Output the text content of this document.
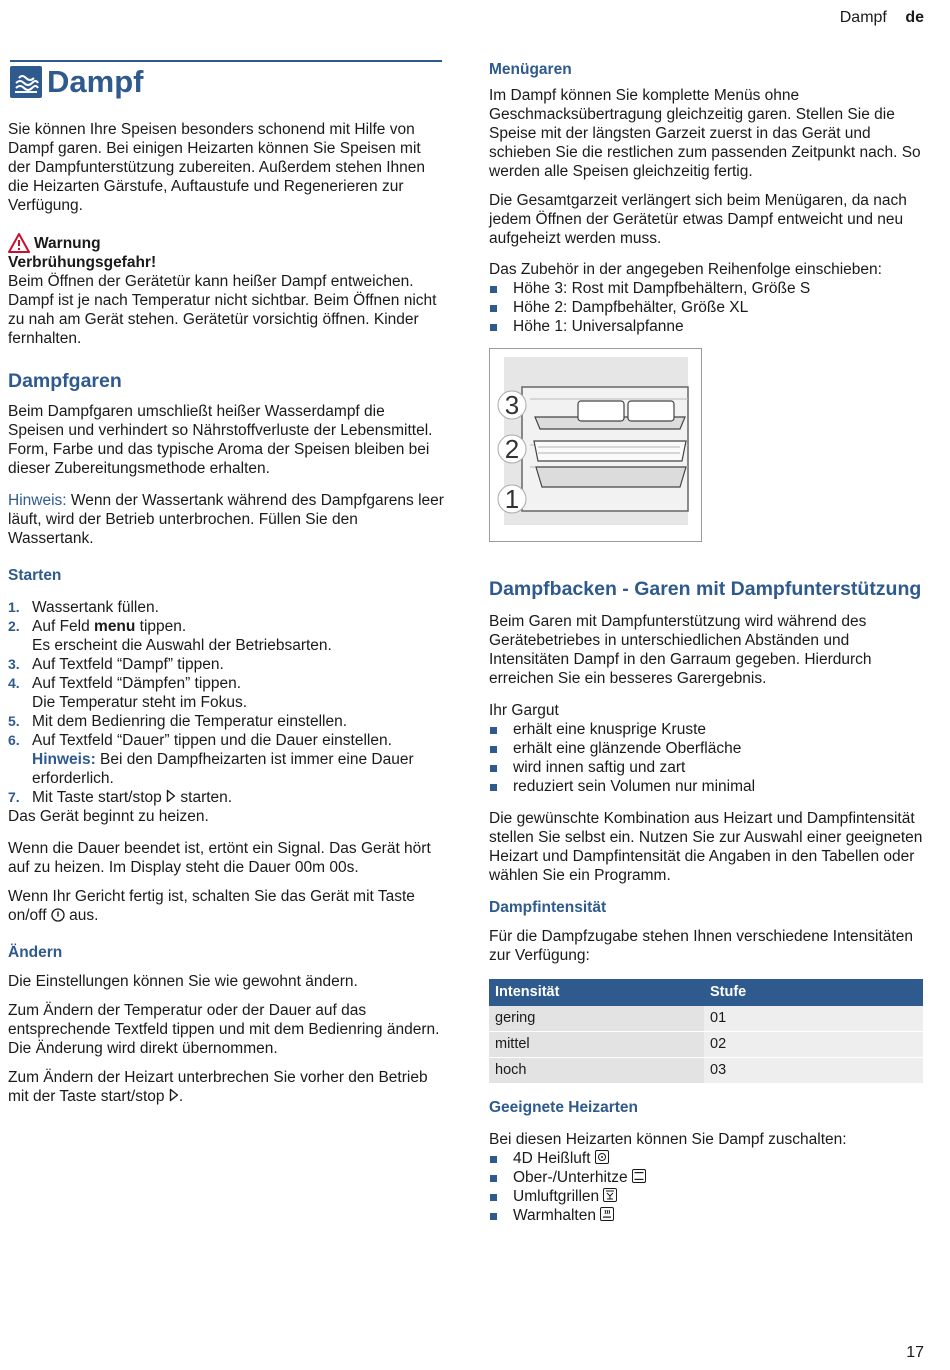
Dampf de
Dampf

Sie können Ihre Speisen besonders schonend mit Hilfe von Dampf garen. Bei einigen Heizarten können Sie Speisen mit der Dampfunterstützung zubereiten. Außerdem stehen Ihnen die Heizarten Gärstufe, Auftaustufe und Regenerieren zur Verfügung.

Warnung
Verbrühungsgefahr!
Beim Öffnen der Gerätetür kann heißer Dampf entweichen. Dampf ist je nach Temperatur nicht sichtbar. Beim Öffnen nicht zu nah am Gerät stehen. Gerätetür vorsichtig öffnen. Kinder fernhalten.
Dampfgaren

Beim Dampfgaren umschließt heißer Wasserdampf die Speisen und verhindert so Nährstoffverluste der Lebensmittel. Form, Farbe und das typische Aroma der Speisen bleiben bei dieser Zubereitungsmethode erhalten.

Hinweis: Wenn der Wassertank während des Dampfgarens leer läuft, wird der Betrieb unterbrochen. Füllen Sie den Wassertank.

Starten
1. Wassertank füllen.
2. Auf Feld menu tippen.
Es erscheint die Auswahl der Betriebsarten.
3. Auf Textfeld “Dampf” tippen.
4. Auf Textfeld “Dämpfen” tippen.
Die Temperatur steht im Fokus.
5. Mit dem Bedienring die Temperatur einstellen.
6. Auf Textfeld “Dauer” tippen und die Dauer einstellen.
Hinweis: Bei den Dampfheizarten ist immer eine Dauer erforderlich.
7. Mit Taste start/stop  starten.

Das Gerät beginnt zu heizen.

Wenn die Dauer beendet ist, ertönt ein Signal. Das Gerät hört auf zu heizen. Im Display steht die Dauer 00m 00s.

Wenn Ihr Gericht fertig ist, schalten Sie das Gerät mit Taste on/off  aus.

Ändern

Die Einstellungen können Sie wie gewohnt ändern.

Zum Ändern der Temperatur oder der Dauer auf das entsprechende Textfeld tippen und mit dem Bedienring ändern. Die Änderung wird direkt übernommen.

Zum Ändern der Heizart unterbrechen Sie vorher den Betrieb mit der Taste start/stop .

Menügaren

Im Dampf können Sie komplette Menüs ohne Geschmacksübertragung gleichzeitig garen. Stellen Sie die Speise mit der längsten Garzeit zuerst in das Gerät und schieben Sie die restlichen zum passenden Zeitpunkt nach. So werden alle Speisen gleichzeitig fertig.

Die Gesamtgarzeit verlängert sich beim Menügaren, da nach jedem Öffnen der Gerätetür etwas Dampf entweicht und neu aufgeheizt werden muss.

Das Zubehör in der angegeben Reihenfolge einschieben:

Höhe 3: Rost mit Dampfbehältern, Größe S
Höhe 2: Dampfbehälter, Größe XL
Höhe 1: Universalpfanne
3
2
1
Dampfbacken - Garen mit Dampfunterstützung

Beim Garen mit Dampfunterstützung wird während des Gerätebetriebes in unterschiedlichen Abständen und Intensitäten Dampf in den Garraum gegeben. Hierdurch erreichen Sie ein besseres Garergebnis.

Ihr Gargut

erhält eine knusprige Kruste
erhält eine glänzende Oberfläche
wird innen saftig und zart
reduziert sein Volumen nur minimal

Die gewünschte Kombination aus Heizart und Dampfintensität stellen Sie selbst ein. Nutzen Sie zur Auswahl einer geeigneten Heizart und Dampfintensität die Angaben in den Tabellen oder wählen Sie ein Programm.

Dampfintensität

Für die Dampfzugabe stehen Ihnen verschiedene Intensitäten zur Verfügung:

Intensität	Stufe
gering	01
mittel	02
hoch	03
Geeignete Heizarten

Bei diesen Heizarten können Sie Dampf zuschalten:

4D Heißluft
Ober-/Unterhitze
Umluftgrillen
Warmhalten
17
